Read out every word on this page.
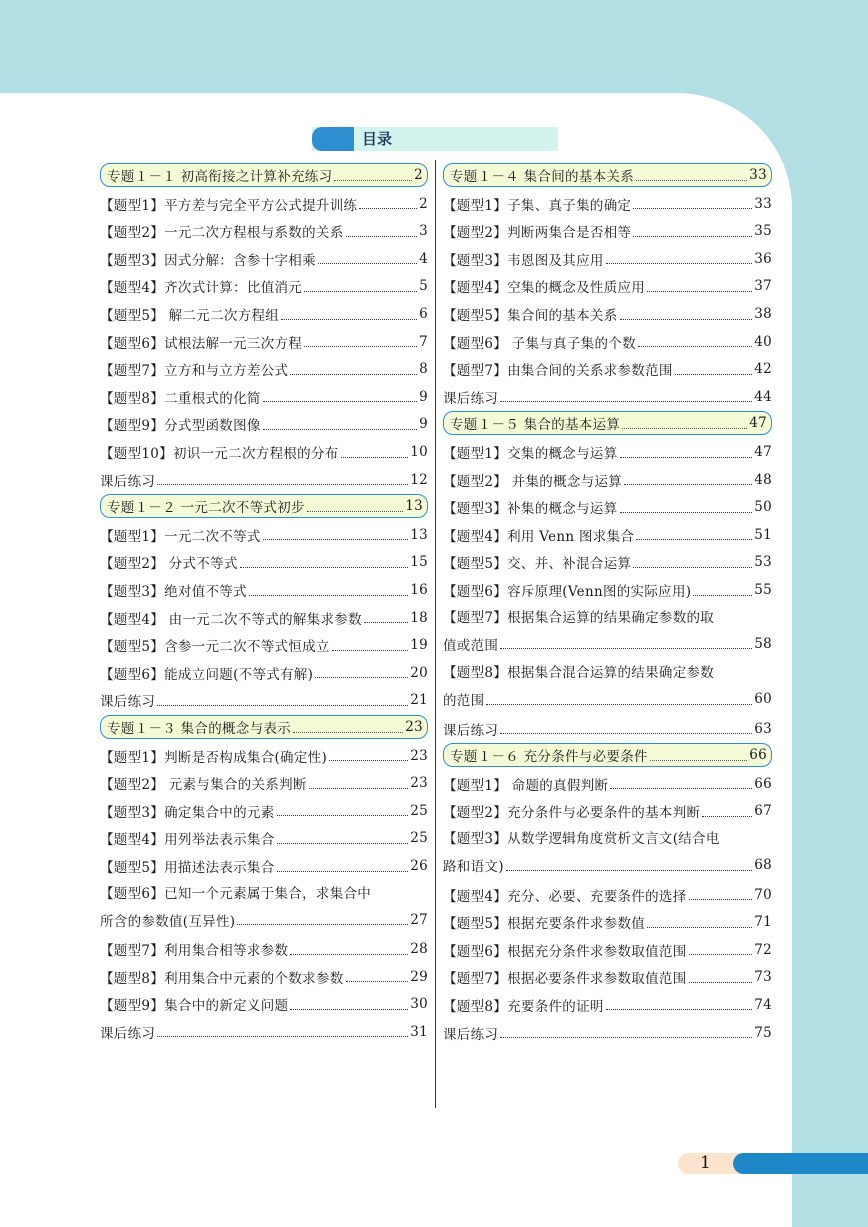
目录
专题１－１ 初高衔接之计算补充练习	2
【题型1】平方差与完全平方公式提升训练	2
【题型2】一元二次方程根与系数的关系	3
【题型3】因式分解：含参十字相乘	4
【题型4】齐次式计算：比值消元	5
【题型5】 解二元二次方程组	6
【题型6】试根法解一元三次方程	7
【题型7】立方和与立方差公式	8
【题型8】二重根式的化简	9
【题型9】分式型函数图像	9
【题型10】初识一元二次方程根的分布	10
课后练习	12
专题１－２ 一元二次不等式初步	13
【题型1】一元二次不等式	13
【题型2】 分式不等式	15
【题型3】绝对值不等式	16
【题型4】 由一元二次不等式的解集求参数	18
【题型5】含参一元二次不等式恒成立	19
【题型6】能成立问题(不等式有解)	20
课后练习	21
专题１－３ 集合的概念与表示	23
【题型1】判断是否构成集合(确定性)	23
【题型2】 元素与集合的关系判断	23
【题型3】确定集合中的元素	25
【题型4】用列举法表示集合	25
【题型5】用描述法表示集合	26
【题型6】已知一个元素属于集合，求集合中
所含的参数值(互异性)	27
【题型7】利用集合相等求参数	28
【题型8】利用集合中元素的个数求参数	29
【题型9】集合中的新定义问题	30
课后练习	31
专题１－４ 集合间的基本关系	33
【题型1】子集、真子集的确定	33
【题型2】判断两集合是否相等	35
【题型3】韦恩图及其应用	36
【题型4】空集的概念及性质应用	37
【题型5】集合间的基本关系	38
【题型6】 子集与真子集的个数	40
【题型7】由集合间的关系求参数范围	42
课后练习	44
专题１－５ 集合的基本运算	47
【题型1】交集的概念与运算	47
【题型2】 并集的概念与运算	48
【题型3】补集的概念与运算	50
【题型4】利用 Venn 图求集合	51
【题型5】交、并、补混合运算	53
【题型6】容斥原理(Venn图的实际应用)	55
【题型7】根据集合运算的结果确定参数的取
值或范围	58
【题型8】根据集合混合运算的结果确定参数
的范围	60
课后练习	63
专题１－６ 充分条件与必要条件	66
【题型1】 命题的真假判断	66
【题型2】充分条件与必要条件的基本判断	67
【题型3】从数学逻辑角度赏析文言文(结合电
路和语文)	68
【题型4】充分、必要、充要条件的选择	70
【题型5】根据充要条件求参数值	71
【题型6】根据充分条件求参数取值范围	72
【题型7】根据必要条件求参数取值范围	73
【题型8】充要条件的证明	74
课后练习	75
1
